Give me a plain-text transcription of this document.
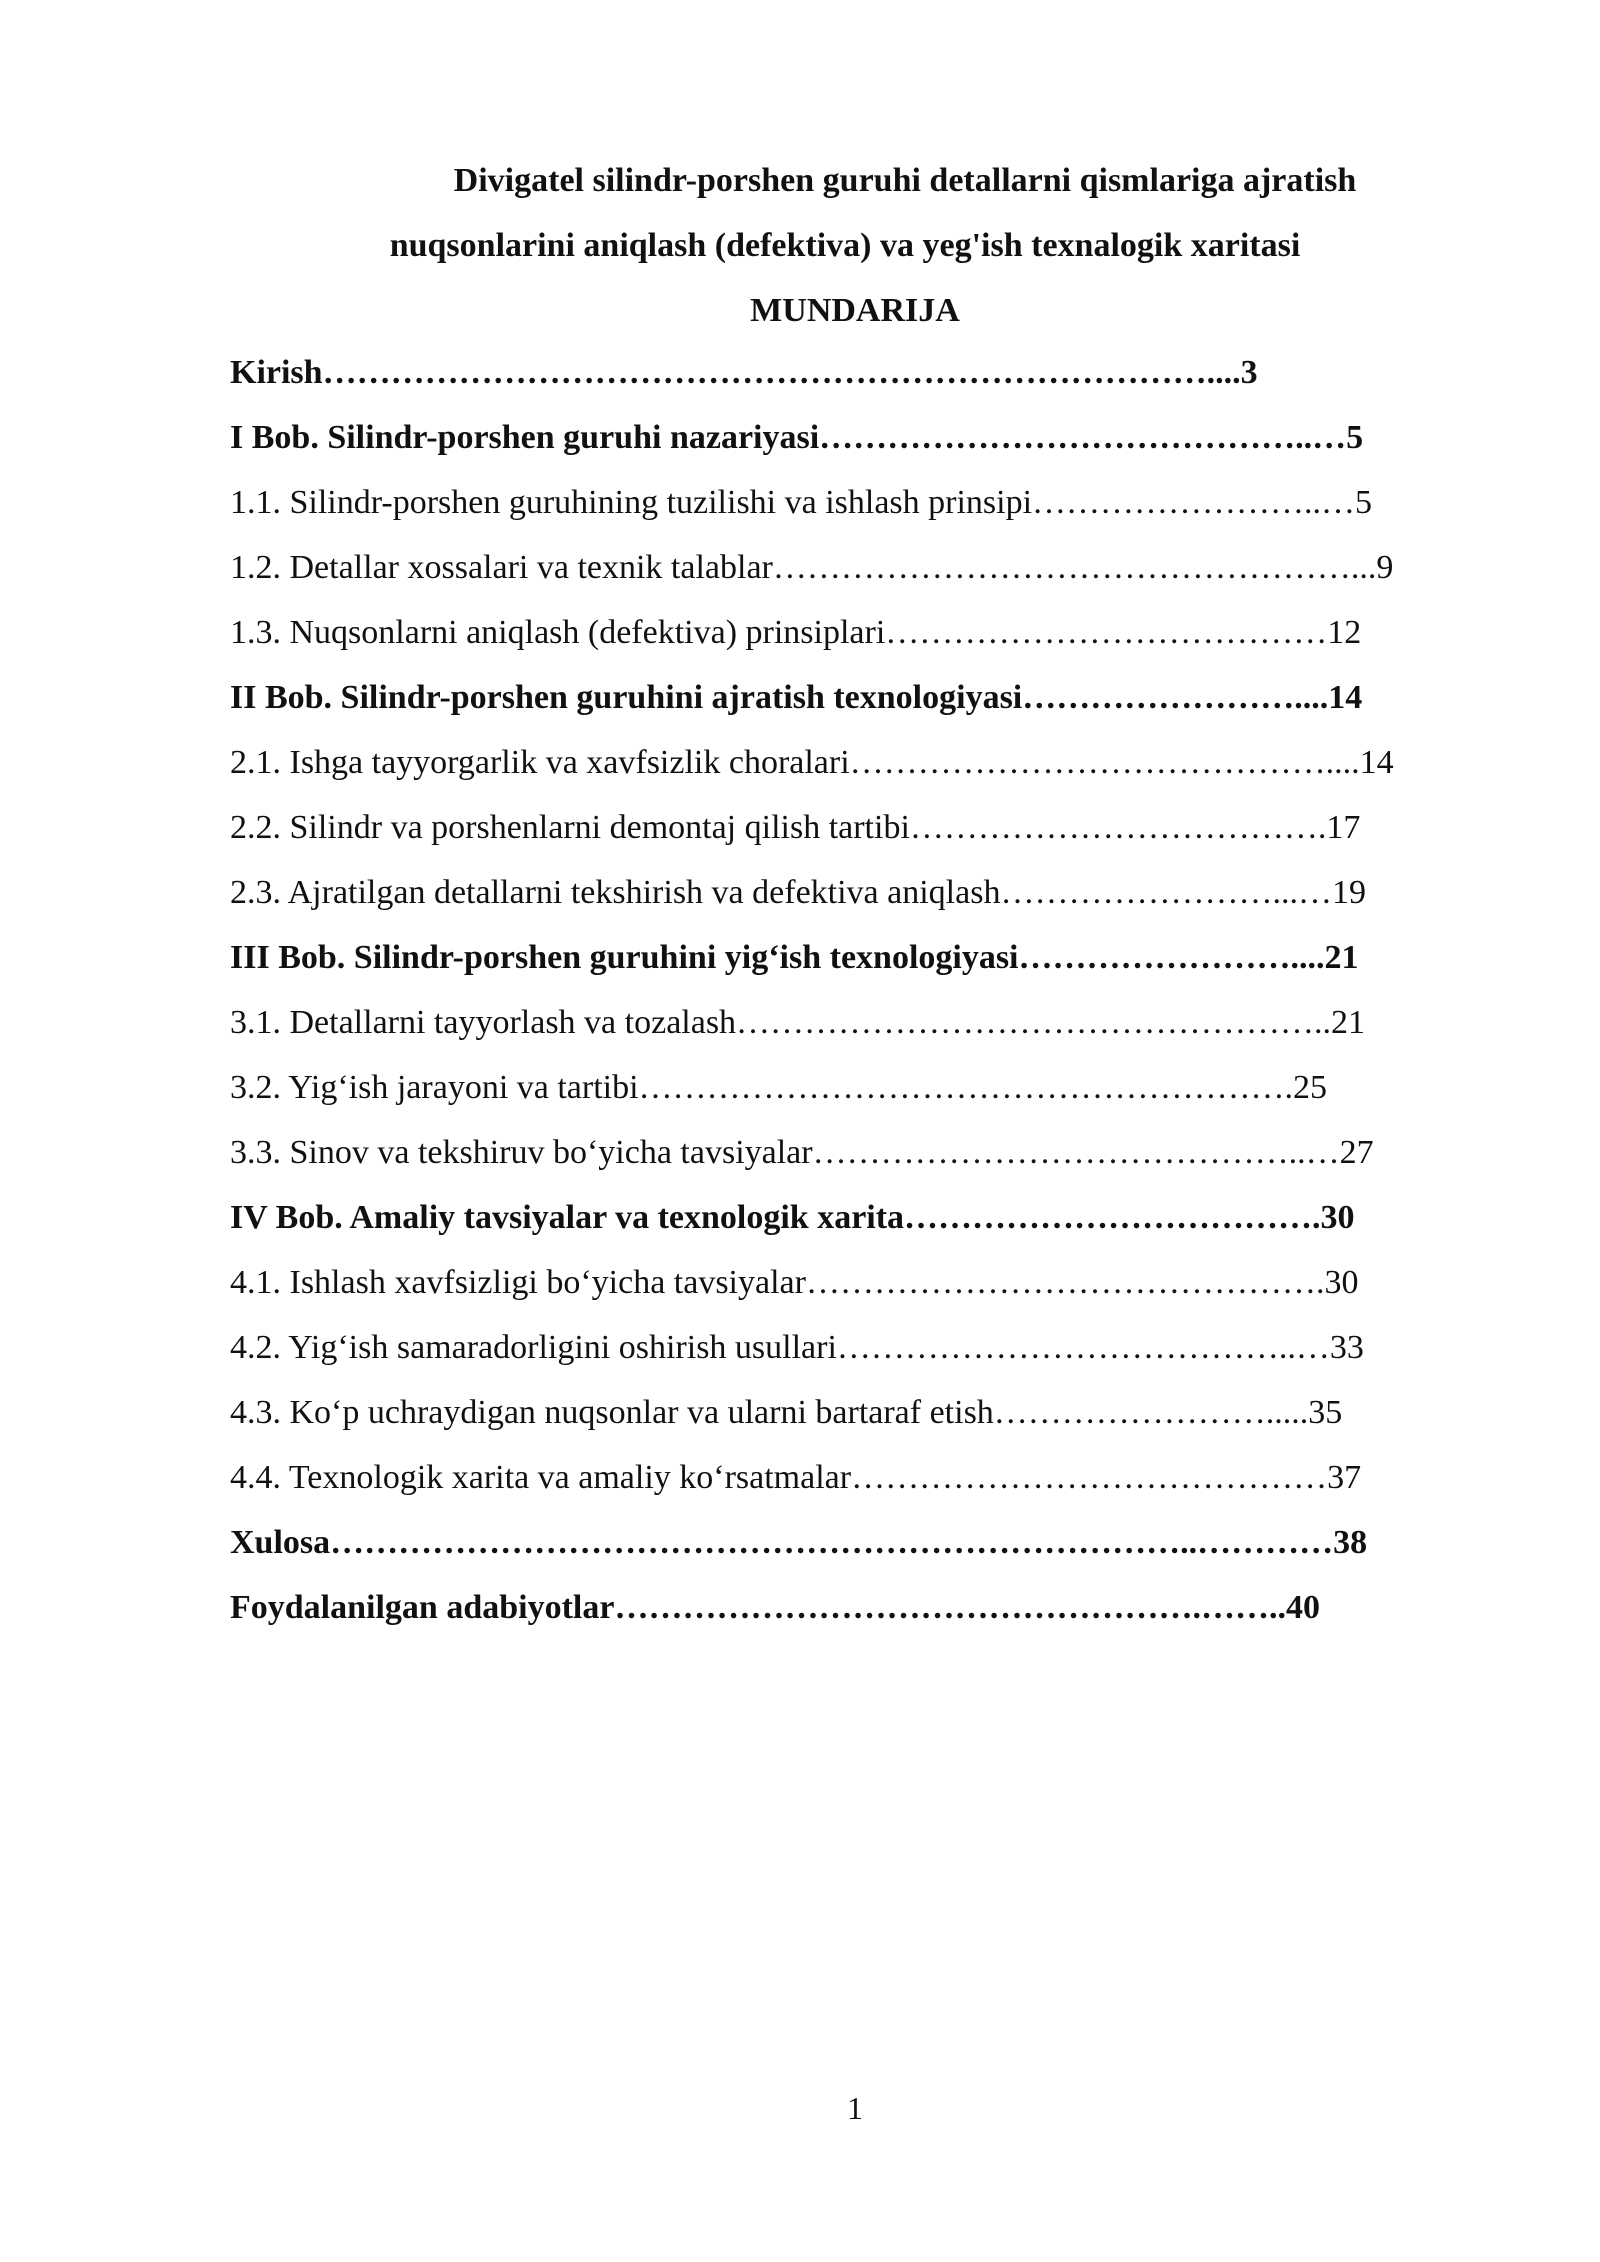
Divigatel silindr-porshen guruhi detallarni qismlariga ajratish
nuqsonlarini aniqlash (defektiva) va yeg'ish texnalogik xaritasi
MUNDARIJA
Kirish……………………………………………………………………....3
I Bob. Silindr-porshen guruhi nazariyasi……………………………………..…5
1.1. Silindr-porshen guruhining tuzilishi va ishlash prinsipi……………………..…5
1.2. Detallar xossalari va texnik talablar……………………………………………...9
1.3. Nuqsonlarni aniqlash (defektiva) prinsiplari…………………………………12
II Bob. Silindr-porshen guruhini ajratish texnologiyasi……………………....14
2.1. Ishga tayyorgarlik va xavfsizlik choralari……………………………………....14
2.2. Silindr va porshenlarni demontaj qilish tartibi……………………………….17
2.3. Ajratilgan detallarni tekshirish va defektiva aniqlash……………………...…19
III Bob. Silindr-porshen guruhini yig‘ish texnologiyasi……………………....21
3.1. Detallarni tayyorlash va tozalash……………………………………………..21
3.2. Yig‘ish jarayoni va tartibi………………………………………………….25
3.3. Sinov va tekshiruv bo‘yicha tavsiyalar……………………………………..…27
IV Bob. Amaliy tavsiyalar va texnologik xarita……………………………….30
4.1. Ishlash xavfsizligi bo‘yicha tavsiyalar……………………………………….30
4.2. Yig‘ish samaradorligini oshirish usullari…………………………………..…33
4.3. Ko‘p uchraydigan nuqsonlar va ularni bartaraf etish…………………….....35
4.4. Texnologik xarita va amaliy ko‘rsatmalar……………………………………37
Xulosa…………………………………………………………………..…………38
Foydalanilgan adabiyotlar…………………………………………….……..40
1
